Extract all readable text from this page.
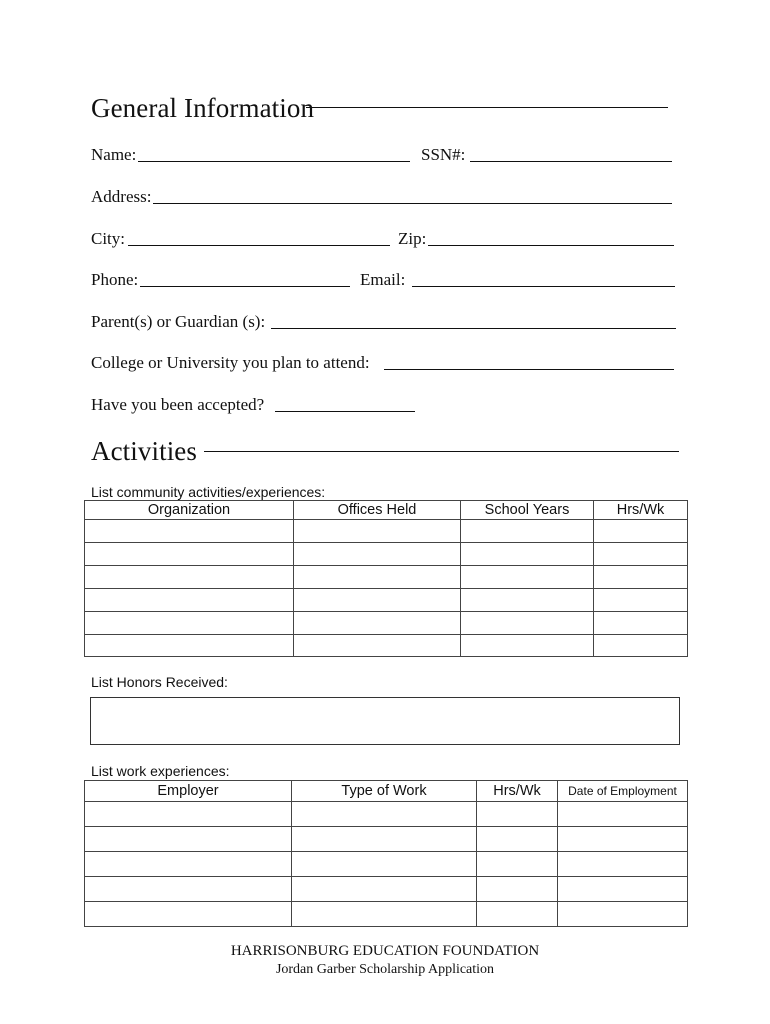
General Information
Name:	SSN#:
Address:
City:	Zip:
Phone:	Email:
Parent(s) or Guardian (s):
College or University you plan to attend:
Have you been accepted?
Activities
List community activities/experiences:
Organization	Offices Held	School Years	Hrs/Wk

List Honors Received:
List work experiences:
Employer	Type of Work	Hrs/Wk	Date of Employment

HARRISONBURG EDUCATION FOUNDATION
Jordan Garber Scholarship Application
